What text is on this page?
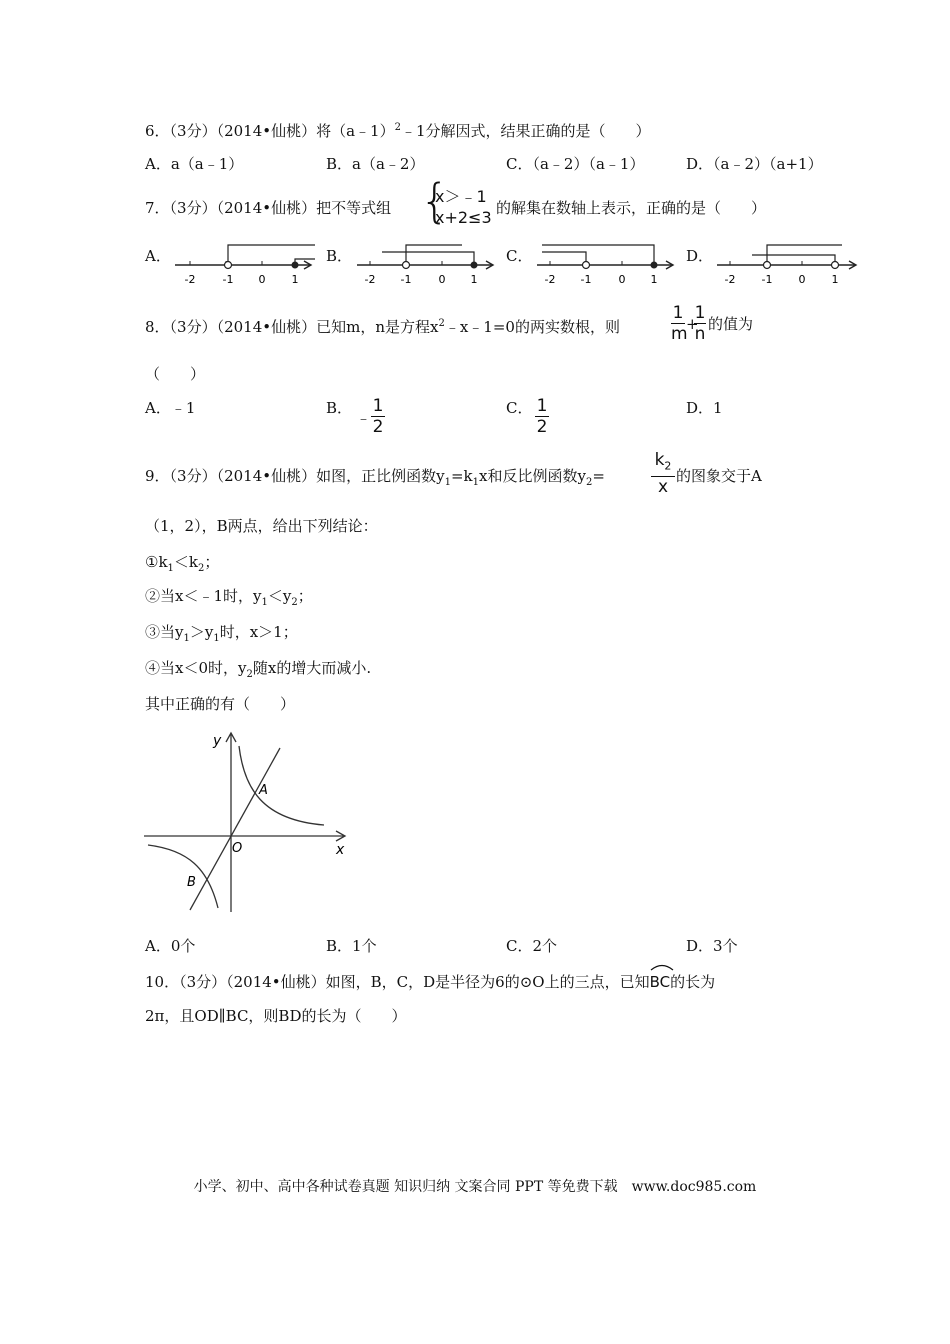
6．（3分）（2014•仙桃）将（a﹣1）$^2$﹣1分解因式，结果正确的是（　　）
A．a（a﹣1）	B．a（a﹣2）	C．（a﹣2）（a﹣1）	D．（a﹣2）（a+1）
7．（3分）（2014•仙桃）把不等式组 {
x＞﹣1
x+2≤3 的解集在数轴上表示，正确的是（　　）
A．	B．	C．	D．
-2 -1 0 1	-2 -1 0 1	-2 -1 0 1	-2 -1 0 1
8．（3分）（2014•仙桃）已知m，n是方程$x^2﹣x﹣1=0$的两实数根，则
1
m
+
1
n 的值为
（　　）
A．﹣1	B．
﹣
1
2
C． 1
2
D．1
9．（3分）（2014•仙桃）如图，正比例函数$y_1=k_1x$和反比例函数$y_2=$
$k_2$
x
的图象交于A
（1，2），B两点，给出下列结论：
$①k_1<k_2$；
②当x＜﹣1时，$y_1<y_2$；
③当$y_1>y_1$时，x＞1；
④当x＜0时，$y_2$随x的增大而减小.
其中正确的有（　　）
y
x
O
A
B
A．0个	B．1个	C．2个	D．3个
10．（3分）（2014•仙桃）如图，B，C，D是半径为6的⊙O上的三点，已知
BC的长为
2π，且OD∥BC，则BD的长为（　　）
小学、初中、高中各种试卷真题 知识归纳 文案合同 PPT 等免费下载　www.doc985.com
